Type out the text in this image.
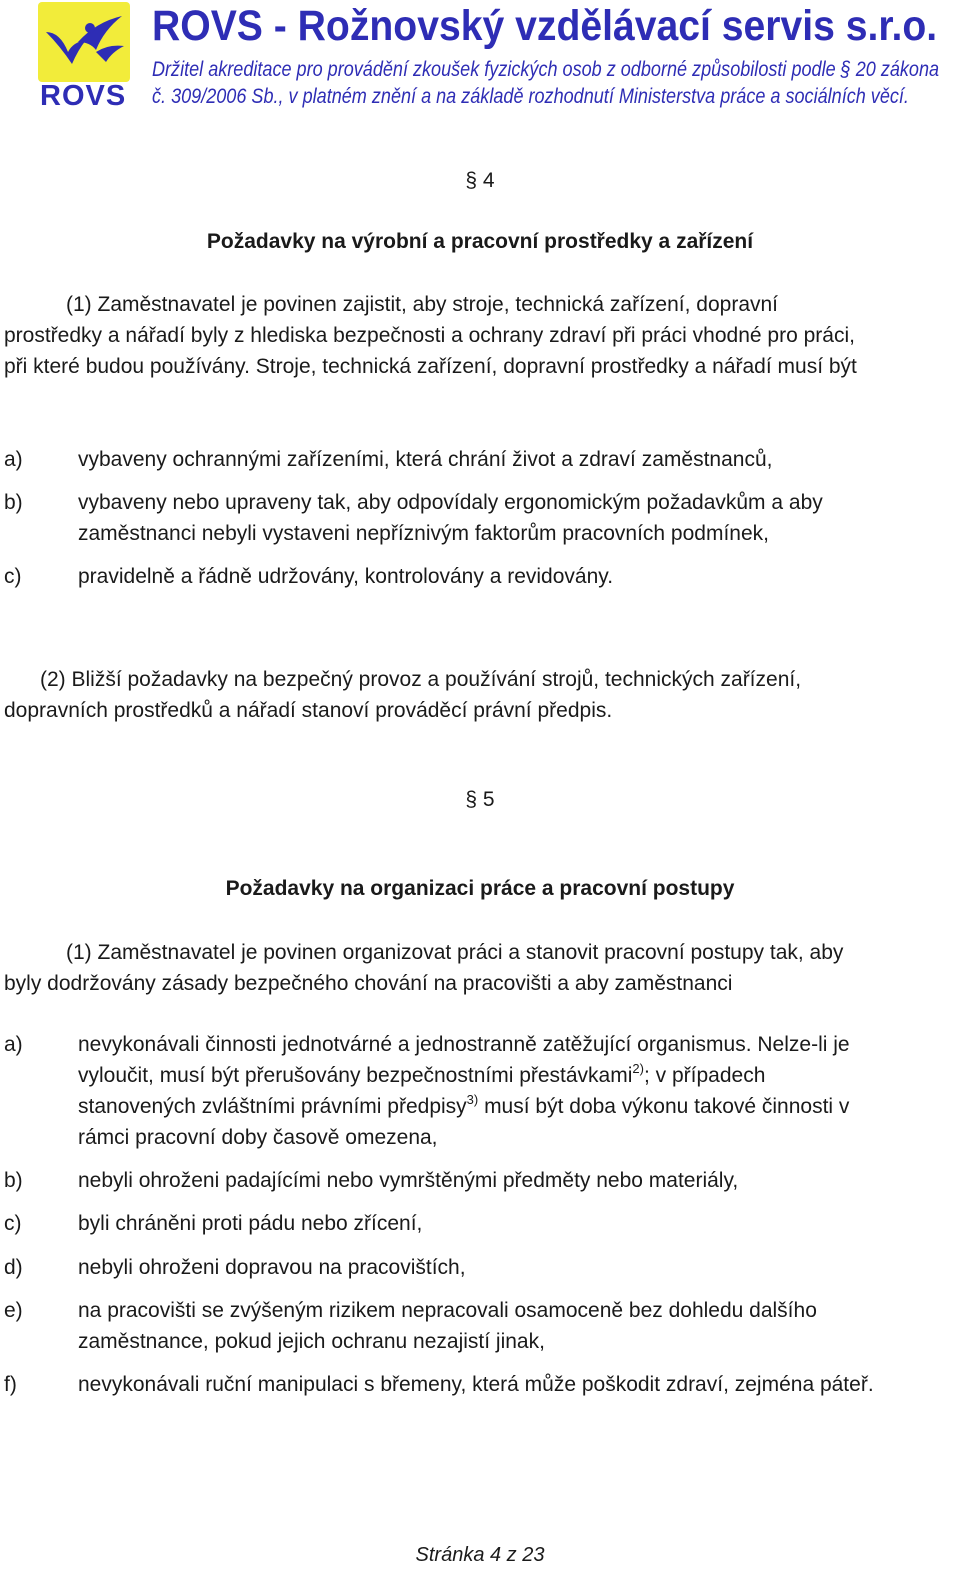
ROVS
ROVS - Rožnovský vzdělávací servis s.r.o.
Držitel akreditace pro provádění zkoušek fyzických osob z odborné způsobilosti podle § 20 zákona
č. 309/2006 Sb., v platném znění a na základě rozhodnutí Ministerstva práce a sociálních věcí.
§ 4
Požadavky na výrobní a pracovní prostředky a zařízení
(1) Zaměstnavatel je povinen zajistit, aby stroje, technická zařízení, dopravní
prostředky a nářadí byly z hlediska bezpečnosti a ochrany zdraví při práci vhodné pro práci,
při které budou používány. Stroje, technická zařízení, dopravní prostředky a nářadí musí být
a)	vybaveny ochrannými zařízeními, která chrání život a zdraví zaměstnanců,
b)	vybaveny nebo upraveny tak, aby odpovídaly ergonomickým požadavkům a aby
zaměstnanci nebyli vystaveni nepříznivým faktorům pracovních podmínek,
c)	pravidelně a řádně udržovány, kontrolovány a revidovány.
(2) Bližší požadavky na bezpečný provoz a používání strojů, technických zařízení,
dopravních prostředků a nářadí stanoví prováděcí právní předpis.
§ 5
Požadavky na organizaci práce a pracovní postupy
(1) Zaměstnavatel je povinen organizovat práci a stanovit pracovní postupy tak, aby
byly dodržovány zásady bezpečného chování na pracovišti a aby zaměstnanci
a)	nevykonávali činnosti jednotvárné a jednostranně zatěžující organismus. Nelze-li je
vyloučit, musí být přerušovány bezpečnostními přestávkami$^{2)}$; v případech
stanovených zvláštními právními předpisy$^{3)}$ musí být doba výkonu takové činnosti v
rámci pracovní doby časově omezena,
b)	nebyli ohroženi padajícími nebo vymrštěnými předměty nebo materiály,
c)	byli chráněni proti pádu nebo zřícení,
d)	nebyli ohroženi dopravou na pracovištích,
e)	na pracovišti se zvýšeným rizikem nepracovali osamoceně bez dohledu dalšího
zaměstnance, pokud jejich ochranu nezajistí jinak,
f)	nevykonávali ruční manipulaci s břemeny, která může poškodit zdraví, zejména páteř.
Stránka 4 z 23
